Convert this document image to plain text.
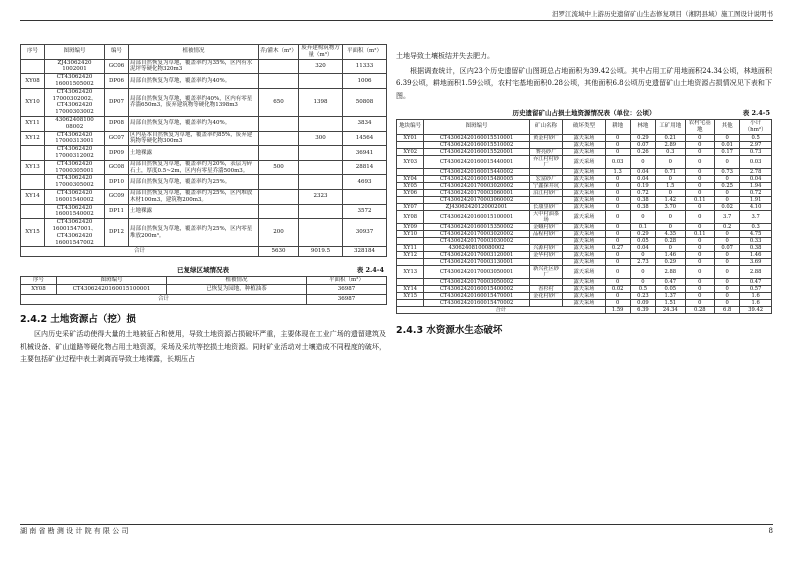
汨罗江流域中上游历史遗留矿山生态修复项目（湘阴县域）施工图设计说明书
序号	图斑编号	编号	植被情况	乔/灌木（m²）	废弃建构筑物方量（m³）	平面积（m²）
	ZJ43062420 1002001	GC06	局部自然恢复为草地，覆盖率约为35%，区内有水泥坪等硬化物320m3		320	11333
XY08	CT43062420 16001505002	DP06	局部自然恢复为草地，覆盖率约为40%。			1006
XY10	CT43062420 17000302002、CT43062420 17000303002	DP07	局部自然恢复为草地，覆盖率约40%，区内有零星乔濇650m3，废弃建筑物等硬化物1398m3	650	1398	50808
XY11	43062408100 08002	DP08	局部自然恢复为草地，覆盖率约为40%。			3834
XY12	CT43062420 17000313001	GC07	区内基本自然恢复为草地，覆盖率约85%，废弃建筑物等硬化物300m3		300	14564
	CT43062420 17000312002	DP09	土地裸露			36941
XY13	CT43062420 17000305001	GC08	局部自然恢复为草地，覆盖率约为20%，表层为碎石土，厚度0.5~2m，区内有零星乔濇500m3。	500		28814
	CT43062420 17000305002	DP10	局部自然恢复为草地，覆盖率约为25%。			4693
XY14	CT43062420 16001540002	GC09	局部自然恢复为草地，覆盖率约为25%，区内堆放木材100m3，建筑物200m3。		2323	
	CT43062420 16001540002	DP11	土地裸露			3572
XY15	CT43062420 16001547001、CT43062420 16001547002	DP12	局部自然恢复为草地，覆盖率约为25%，区内零星堆放200m³。	200		30937
合计				5630	9019.5	328184
已复绿区域情况表	表 2.4-4
序号	图斑编号	植被情况	平面积（m²）
XY08	CT43062420160015100001	已恢复为园地，种植油茶	36987
合计			36987
2.4.2 土地资源占（挖）损
区内历史采矿活动使得大量的土地被征占和使用，导致土地资源占损破坏严重，主要体现在工业广场的遗留建筑及机械设备、矿山道路等硬化物占用土地资源，采场及采坑等挖损土地资源。同时矿业活动对土壤造成不同程度的破坏，主要包括矿业过程中表土剥离而导致土地裸露，长期压占
土地导致土壤板结并失去肥力。
根据调查统计，区内23个历史遗留矿山图斑总占地面积为39.42公顷。其中占用工矿用地面积24.34公顷，林地面积6.39公顷，耕地面积1.59公顷，农村宅基地面积0.28公顷，其他面积6.8公顷历史遗留矿山土地资源占损情况见下表和下图。
历史遗留矿山占损土地资源情况表（单位：公顷）	表 2.4-5
地块编号	图斑编号	矿山名称	破坏类型	耕地	林地	工矿用地	农村宅基地	其他	小计（hm²）
XY01	CT43062420160015510001	黄金村砂厂	露天采场	0	0.29	0.21	0	0	0.5
	CT43062420160015510002		露天采场	0	0.07	2.89	0	0.01	2.97
XY02	CT43062420160015520001	赛亮砂厂	露天采场	0	0.26	0.3	0	0.17	0.73
XY03	CT43062420160015440001	乔江村村砂厂	露天采场	0.03	0	0	0	0	0.03
	CT43062420160015440002		露天采场	1.3	0.04	0.71	0	0.73	2.78
XY04	CT43062420160015480005	宏富砂厂	露天采场	0	0.04	0	0	0	0.04
XY05	CT43062420170003020002	宁鑫探井坑	露天采场	0	0.19	1.5	0	0.25	1.94
XY06	CT43062420170003060001	泊江村砂厂	露天采场	0	0.72	0	0	0	0.72
	CT43062420170003060002		露天采场	0	0.38	1.42	0.11	0	1.91
XY07	ZJ43062420120002001	长康里砂厂	露天采场	0	0.38	3.70	0	0.02	4.10
XY08	CT43062420160015100001	大中村油茶场	露天采场	0	0	0	0	3.7	3.7
XY09	CT43062420160015350002	金蛾村砂厂	露天采场	0	0.1	0	0	0.2	0.3
XY10	CT43062420170003020002	品程村砂厂	露天采场	0	0.29	4.35	0.11	0	4.75
	CT43062420170003030002		露天采场	0	0.05	0.28	0	0	0.33
XY11	43062408100080002	兴源村砂厂	露天采场	0.27	0.04	0	0	0.07	0.38
XY12	CT43062420170003120001	金华村砂厂	露天采场	0	0	1.46	0	0	1.46
	CT43062420170003130001		露天采场	0	2.73	0.29	0	0	3.69
XY13	CT43062420170003050001	新兴社区砂厂	露天采场	0	0	2.88	0	0	2.88
	CT43062420170003050002		露天采场	0	0	0.47	0	0	0.47
XY14	CT43062420160015400002	香杉村	露天采场	0.02	0.5	0.05	0	0	0.57
XY15	CT43062420160015470001	金花村砂厂	露天采场	0	0.23	1.37	0	0	1.6
	CT43062420160015470002		露天采场	0	0.09	1.51	0	0	1.6
合计				1.59	6.39	24.34	0.28	6.8	39.42
2.4.3 水资源水生态破坏
湖 南 省 勘 测 设 计 院 有 限 公 司	8
